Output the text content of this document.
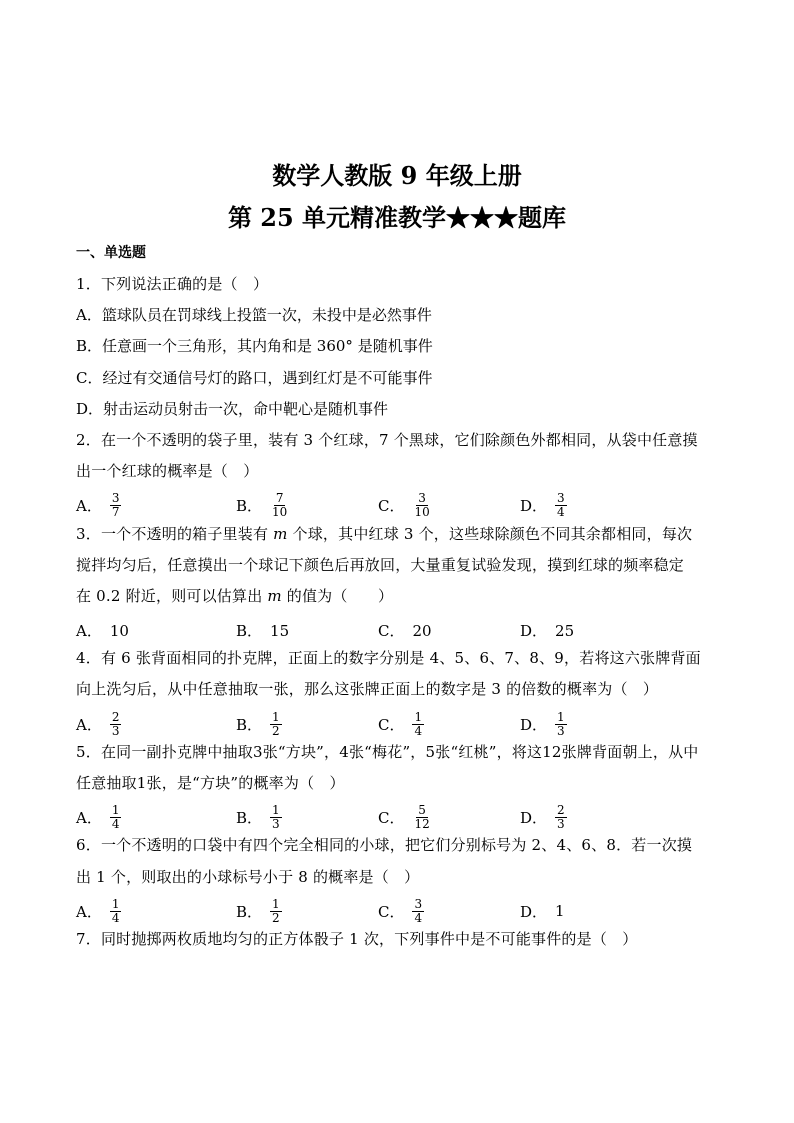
数学人教版 9 年级上册
第 25 单元精准教学★★★题库
一、单选题
1．下列说法正确的是（　）
A．篮球队员在罚球线上投篮一次，未投中是必然事件
B．任意画一个三角形，其内角和是 360° 是随机事件
C．经过有交通信号灯的路口，遇到红灯是不可能事件
D．射击运动员射击一次，命中靶心是随机事件
2．在一个不透明的袋子里，装有 3 个红球，7 个黑球，它们除颜色外都相同，从袋中任意摸
出一个红球的概率是（　）
A． $\frac{3}{7}$	B． $\frac{7}{10}$	C． $\frac{3}{10}$	D． $\frac{3}{4}$
3．一个不透明的箱子里装有 m 个球，其中红球 3 个，这些球除颜色不同其余都相同，每次
搅拌均匀后，任意摸出一个球记下颜色后再放回，大量重复试验发现，摸到红球的频率稳定
在 0.2 附近，则可以估算出 m 的值为（　　）
A． 10	B． 15	C． 20	D． 25
4．有 6 张背面相同的扑克牌，正面上的数字分别是 4、5、6、7、8、9，若将这六张牌背面
向上洗匀后，从中任意抽取一张，那么这张牌正面上的数字是 3 的倍数的概率为（　）
A． $\frac{2}{3}$	B． $\frac{1}{2}$	C． $\frac{1}{4}$	D． $\frac{1}{3}$
5．在同一副扑克牌中抽取3张“方块”，4张“梅花”，5张“红桃”，将这12张牌背面朝上，从中
任意抽取1张，是“方块”的概率为（　）
A． $\frac{1}{4}$	B． $\frac{1}{3}$	C． $\frac{5}{12}$	D． $\frac{2}{3}$
6．一个不透明的口袋中有四个完全相同的小球，把它们分别标号为 2、4、6、8．若一次摸
出 1 个，则取出的小球标号小于 8 的概率是（　）
A． $\frac{1}{4}$	B． $\frac{1}{2}$	C． $\frac{3}{4}$	D． 1
7．同时抛掷两枚质地均匀的正方体骰子 1 次，下列事件中是不可能事件的是（　）
